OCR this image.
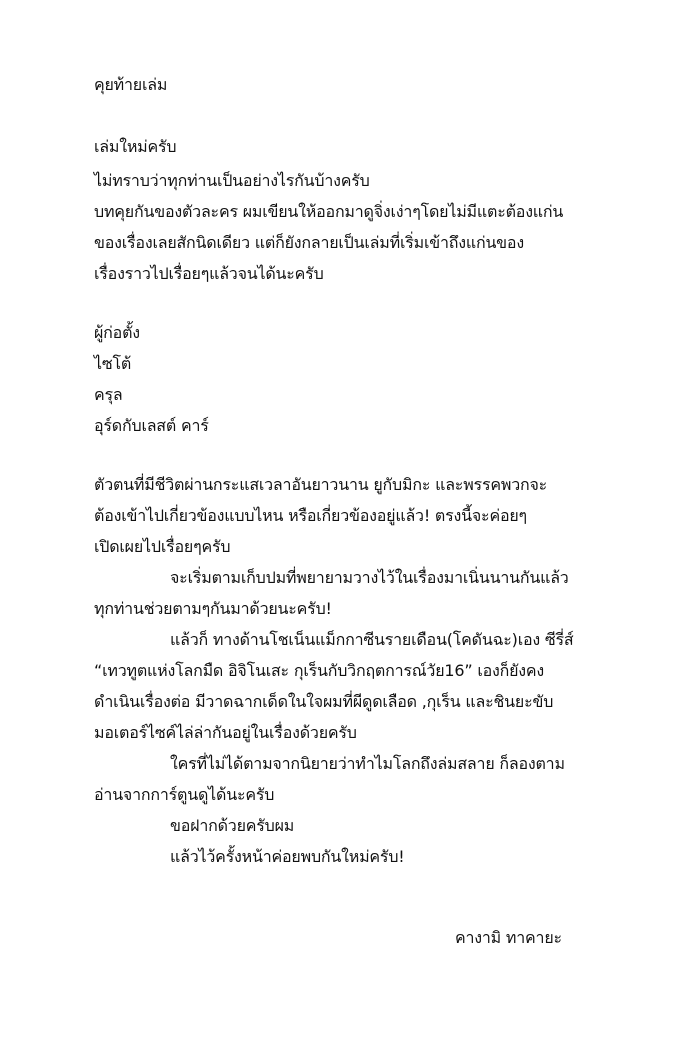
คุยท้ายเล่ม
เล่มใหม่ครับ
ไม่ทราบว่าทุกท่านเป็นอย่างไรกันบ้างครับ
บทคุยกันของตัวละคร ผมเขียนให้ออกมาดูจิ่งเง่าๆโดยไม่มีแตะต้องแก่น
ของเรื่องเลยสักนิดเดียว แต่ก็ยังกลายเป็นเล่มที่เริ่มเข้าถึงแก่นของ
เรื่องราวไปเรื่อยๆแล้วจนได้นะครับ
ผู้ก่อตั้ง
ไซโต้
ครุล
อุร์ดกับเลสต์ คาร์
ตัวตนที่มีชีวิตผ่านกระแสเวลาอันยาวนาน ยูกับมิกะ และพรรคพวกจะ
ต้องเข้าไปเกี่ยวข้องแบบไหน หรือเกี่ยวข้องอยู่แล้ว! ตรงนี้จะค่อยๆ
เปิดเผยไปเรื่อยๆครับ
จะเริ่มตามเก็บปมที่พยายามวางไว้ในเรื่องมาเนิ่นนานกันแล้ว
ทุกท่านช่วยตามๆกันมาด้วยนะครับ!
แล้วก็ ทางด้านโชเน็นแม็กกาซีนรายเดือน(โคดันฉะ)เอง ซีรี่ส์
“เทวทูตแห่งโลกมืด อิจิโนเสะ กุเร็นกับวิกฤตการณ์วัย16” เองก็ยังคง
ดำเนินเรื่องต่อ มีวาดฉากเด็ดในใจผมที่ผีดูดเลือด ,กุเร็น และชินยะขับ
มอเตอร์ไซค์ไล่ล่ากันอยู่ในเรื่องด้วยครับ
ใครที่ไม่ได้ตามจากนิยายว่าทำไมโลกถึงล่มสลาย ก็ลองตาม
อ่านจากการ์ตูนดูได้นะครับ
ขอฝากด้วยครับผม
แล้วไว้ครั้งหน้าค่อยพบกันใหม่ครับ!
คางามิ ทาคายะ
